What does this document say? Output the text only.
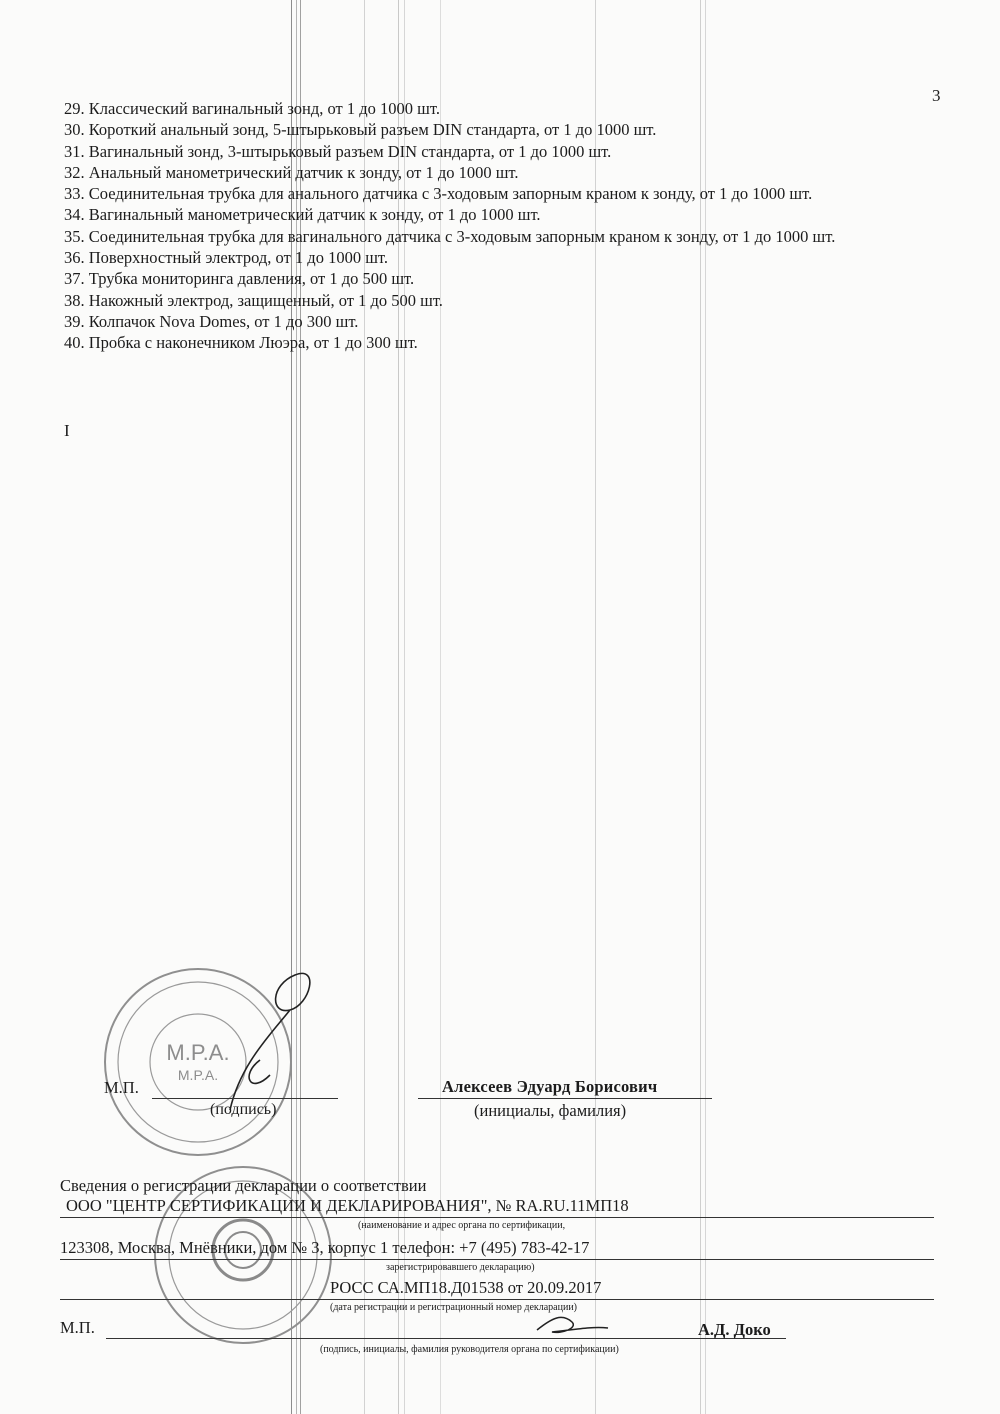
3

29. Классический вагинальный зонд, от 1 до 1000 шт.

30. Короткий анальный зонд, 5-штырьковый разъем DIN стандарта, от 1 до 1000 шт.

31. Вагинальный зонд, 3-штырьковый разъем DIN стандарта, от 1 до 1000 шт.

32. Анальный манометрический датчик к зонду, от 1 до 1000 шт.

33. Соединительная трубка для анального датчика с 3-ходовым запорным краном к зонду, от 1 до 1000 шт.

34. Вагинальный манометрический датчик к зонду, от 1 до 1000 шт.

35. Соединительная трубка для вагинального датчика с 3-ходовым запорным краном к зонду, от 1 до 1000 шт.

36. Поверхностный электрод, от 1 до 1000 шт.

37. Трубка мониторинга давления, от 1 до 500 шт.

38. Накожный электрод, защищенный, от 1 до 500 шт.

39. Колпачок Nova Domes, от 1 до 300 шт.

40. Пробка с наконечником Люэра, от 1 до 300 шт.

I
M.P.A.
M.P.A.
М.П.
(подпись)
Алексеев Эдуард Борисович
(инициалы, фамилия)
Сведения о регистрации декларации о соответствии
ООО "ЦЕНТР СЕРТИФИКАЦИИ И ДЕКЛАРИРОВАНИЯ", № RA.RU.11МП18
(наименование и адрес органа по сертификации,
123308, Москва, Мнёвники, дом № 3, корпус 1 телефон: +7 (495) 783-42-17
зарегистрировавшего декларацию)
РОСС СА.МП18.Д01538 от 20.09.2017
(дата регистрации и регистрационный номер декларации)
М.П.	А.Д. Доко
(подпись, инициалы, фамилия руководителя органа по сертификации)
